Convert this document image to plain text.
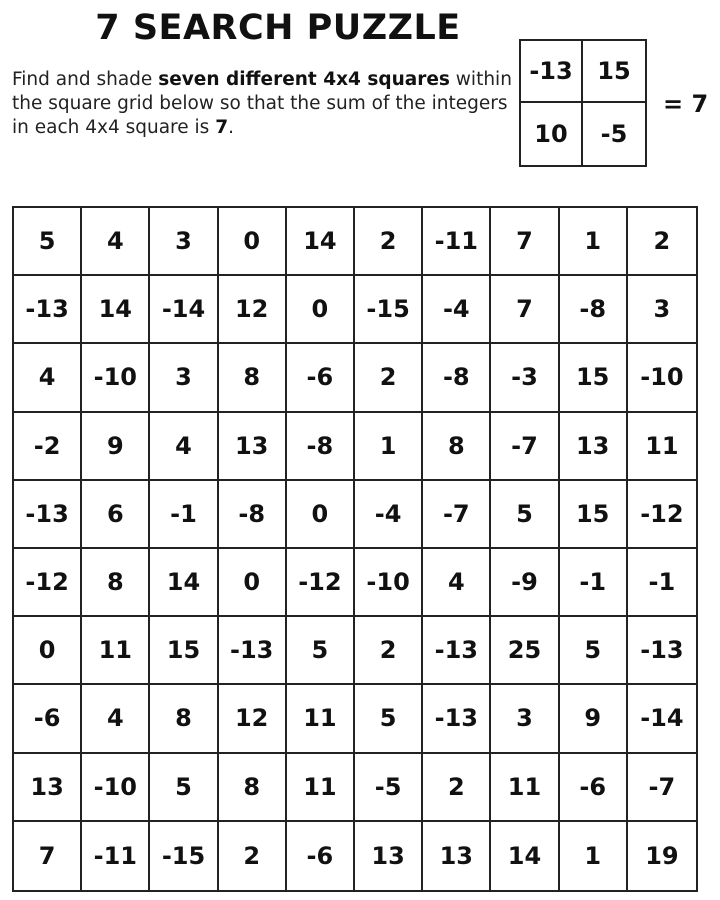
7 SEARCH PUZZLE
Find and shade seven different 4x4 squares within the square grid below so that the sum of the integers in each 4x4 square is 7.
-13	15
10	-5
= 7
5	4	3	0	14	2	-11	7	1	2
-13	14	-14	12	0	-15	-4	7	-8	3
4	-10	3	8	-6	2	-8	-3	15	-10
-2	9	4	13	-8	1	8	-7	13	11
-13	6	-1	-8	0	-4	-7	5	15	-12
-12	8	14	0	-12	-10	4	-9	-1	-1
0	11	15	-13	5	2	-13	25	5	-13
-6	4	8	12	11	5	-13	3	9	-14
13	-10	5	8	11	-5	2	11	-6	-7
7	-11	-15	2	-6	13	13	14	1	19
